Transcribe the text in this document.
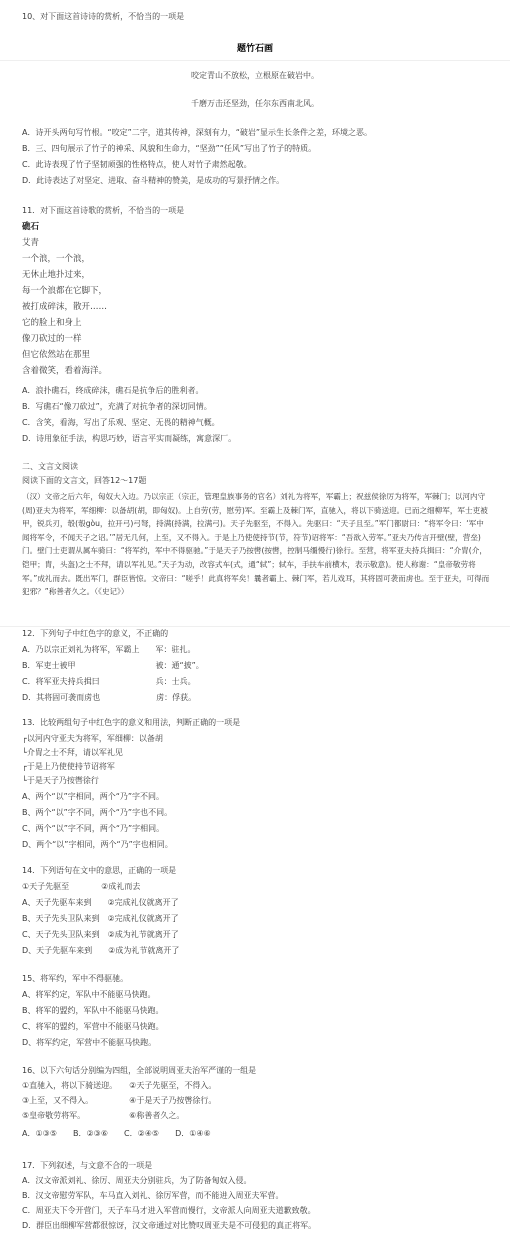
10、对下面这首诗诗的赏析，不恰当的一项是
题竹石画
咬定青山不放松，立根原在破岩中。
千磨万击还坚劲，任尔东西南北风。
A．诗开头两句写竹根。“咬定”二字，道其传神，深刻有力，“破岩”显示生长条件之差，环境之恶。
B．三、四句展示了竹子的神采、风貌和生命力，“坚劲”“任风”写出了竹子的特质。
C．此诗表现了竹子坚韧顽强的性格特点，使人对竹子肃然起敬。
D．此诗表达了对坚定、进取、奋斗精神的赞美，是成功的写景抒情之作。
11．对下面这首诗歌的赏析，不恰当的一项是
礁石
艾青
一个浪，一个浪，
无休止地扑过来，
每一个浪都在它脚下，
被打成碎沫，散开……
它的脸上和身上
像刀砍过的一样
但它依然站在那里
含着微笑，看着海洋。
A．浪扑礁石，终成碎沫，礁石是抗争后的胜利者。
B．写礁石“像刀砍过”，充满了对抗争者的深切同情。
C．含笑，看海，写出了乐观、坚定、无畏的精神气概。
D．诗用象征手法，构思巧妙，语言平实而凝练，寓意深厂。
二、文言文阅读
阅读下面的文言文，回答12～17题
（汉）文帝之后六年，匈奴大入边。乃以宗正（宗正，管理皇族事务的官名）刘礼为将军，军霸上；祝兹侯徐厉为将军，军棘门；以河内守(周)亚夫为将军，军细柳：以备胡(胡，即匈奴)。上自劳(劳，慰劳)军。至霸上及棘门军，直驰入，将以下骑送迎。已而之细柳军，军士吏被甲，锐兵刃，彀(彀gòu，拉开弓)弓弩，持满(持满，拉满弓)。天子先驱至，不得入。先驱曰：“天子且至。”军门都尉曰：“将军令曰：‘军中闻将军令，不闻天子之诏。’”居无几何，上至，又不得入。于是上乃使使持节(节，符节)诏将军：“吾欲入劳军。”亚夫乃传言开壁(壁，营垒)门。壁门士吏谓从属车骑曰：“将军约，军中不得驱驰。”于是天子乃按辔(按辔，控制马缰慢行)徐行。至营，将军亚夫持兵揖曰：“介胄(介，铠甲；胄，头盔)之士不拜，请以军礼见。”天子为动，改容式车(式，通“轼”；轼车，手扶车前横木，表示敬意)。使人称谢：“皇帝敬劳将军。”成礼而去。既出军门，群臣皆惊。文帝曰：“嗟乎！此真将军矣！曩者霸上、棘门军，若儿戏耳，其将固可袭而虏也。至于亚夫，可得而犯邪？”称善者久之。（《史记》）
12．下列句子中红色字的意义，不正确的
A．乃以宗正刘礼为将军，军霸上　　军：驻扎。
B．军吏士被甲　　　　　　　　　　被：通“披”。
C．将军亚夫持兵揖曰　　　　　　　兵：士兵。
D．其将固可袭而虏也　　　　　　　虏：俘获。
13．比较两组句子中红色字的意义和用法，判断正确的一项是
┌以河内守亚夫为将军，军细柳：以备胡
└介胄之士不拜，请以军礼见
┌于是上乃使使持节诏将军
└于是天子乃按辔徐行
A、两个“以”字相同，两个“乃”字不同。
B、两个“以”字不同，两个“乃”字也不同。
C、两个“以”字不同，两个“乃”字相同。
D、两个“以”字相同，两个“乃”字也相同。
14．下列语句在文中的意思，正确的一项是
①天子先驱至　　　　②成礼而去
A、天子先驱车来到　　②完成礼仪就离开了
B、天子先头卫队来到　②完成礼仪就离开了
C、天子先头卫队来到　②成为礼节就离开了
D、天子先驱车来到　　②成为礼节就离开了
15、将军约，军中不得驱驰。
A、将军约定，军队中不能驱马快跑。
B、将军的盟约，军队中不能驱马快跑。
C、将军的盟约，军营中不能驱马快跑。
D、将军约定，军营中不能驱马快跑。
16、以下六句话分别编为四组，全部说明周亚夫治军严谨的一组是
①直驰入，将以下骑送迎。　　②天子先驱至，不得入。
③上至，又不得入。　　　　　④于是天子乃按辔徐行。
⑤皇帝敬劳将军。　　　　　　⑥称善者久之。
A．①③⑤　　B．②③⑥　　C．②④⑤　　D．①④⑥
17．下列叙述，与文意不合的一项是
A．汉文帝派刘礼、徐厉、周亚夫分别驻兵，为了防备匈奴入侵。
B．汉文帝慰劳军队，车马直入刘礼、徐厉军营，而不能进入周亚夫军营。
C．周亚夫下令开营门，天子车马才进入军营而慢行，文帝派人向周亚夫道歉致敬。
D．群臣出细柳军营都很惊讶，汉文帝通过对比赞叹周亚夫是不可侵犯的真正将军。
